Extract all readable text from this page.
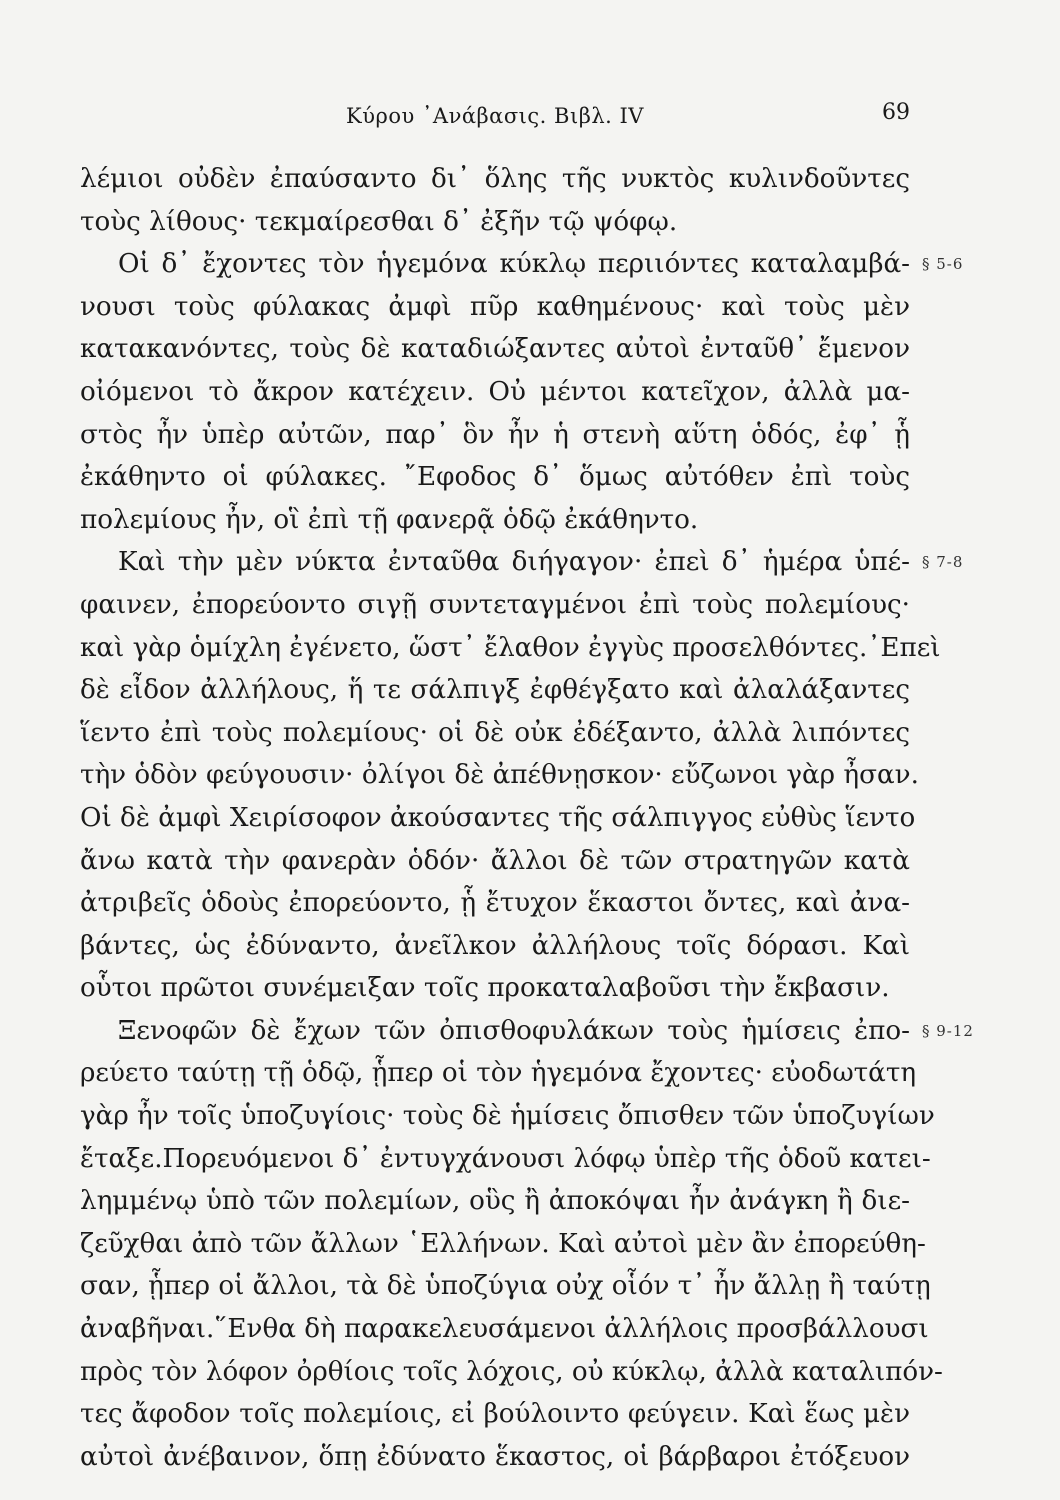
Κύρου ᾿Ανάβασις. Βιβλ. IV	69
λέμιοι οὐδὲν ἐπαύσαντο δι᾽ ὅλης τῆς νυκτὸς κυλινδοῦντες
τοὺς λίθους· τεκμαίρεσθαι δ᾽ ἐξῆν τῷ ψόφῳ.
Οἱ δ᾽ ἔχοντες τὸν ἡγεμόνα κύκλῳ περιιόντες καταλαμβά- § 5-6
νουσι τοὺς φύλακας ἀμφὶ πῦρ καθημένους· καὶ τοὺς μὲν
κατακανόντες, τοὺς δὲ καταδιώξαντες αὐτοὶ ἐνταῦθ᾽ ἔμενον
οἰόμενοι τὸ ἄκρον κατέχειν. Οὐ μέντοι κατεῖχον, ἀλλὰ μα-
στὸς ἦν ὑπὲρ αὐτῶν, παρ᾽ ὃν ἦν ἡ στενὴ αὕτη ὁδός, ἐφ᾽ ᾗ
ἐκάθηντο οἱ φύλακες. ῎Εφοδος δ᾽ ὅμως αὐτόθεν ἐπὶ τοὺς
πολεμίους ἦν, οἳ ἐπὶ τῇ φανερᾷ ὁδῷ ἐκάθηντο.
Καὶ τὴν μὲν νύκτα ἐνταῦθα διήγαγον· ἐπεὶ δ᾽ ἡμέρα ὑπέ- § 7-8
φαινεν, ἐπορεύοντο σιγῇ συντεταγμένοι ἐπὶ τοὺς πολεμίους·
καὶ γὰρ ὁμίχλη ἐγένετο, ὥστ᾽ ἔλαθον ἐγγὺς προσελθόντες.᾽Επεὶ
δὲ εἶδον ἀλλήλους, ἥ τε σάλπιγξ ἐφθέγξατο καὶ ἀλαλάξαντες
ἵεντο ἐπὶ τοὺς πολεμίους· οἱ δὲ οὐκ ἐδέξαντο, ἀλλὰ λιπόντες
τὴν ὁδὸν φεύγουσιν· ὀλίγοι δὲ ἀπέθνῃσκον· εὔζωνοι γὰρ ἦσαν.
Οἱ δὲ ἀμφὶ Χειρίσοφον ἀκούσαντες τῆς σάλπιγγος εὐθὺς ἵεντο
ἄνω κατὰ τὴν φανερὰν ὁδόν· ἄλλοι δὲ τῶν στρατηγῶν κατὰ
ἀτριβεῖς ὁδοὺς ἐπορεύοντο, ᾗ ἔτυχον ἕκαστοι ὄντες, καὶ ἀνα-
βάντες, ὡς ἐδύναντο, ἀνεῖλκον ἀλλήλους τοῖς δόρασι. Καὶ
οὗτοι πρῶτοι συνέμειξαν τοῖς προκαταλαβοῦσι τὴν ἔκβασιν.
Ξενοφῶν δὲ ἔχων τῶν ὀπισθοφυλάκων τοὺς ἡμίσεις ἐπο- § 9-12
ρεύετο ταύτῃ τῇ ὁδῷ, ᾗπερ οἱ τὸν ἡγεμόνα ἔχοντες· εὐοδωτάτη
γὰρ ἦν τοῖς ὑποζυγίοις· τοὺς δὲ ἡμίσεις ὄπισθεν τῶν ὑποζυγίων
ἔταξε.Πορευόμενοι δ᾽ ἐντυγχάνουσι λόφῳ ὑπὲρ τῆς ὁδοῦ κατει-
λημμένῳ ὑπὸ τῶν πολεμίων, οὓς ἢ ἀποκόψαι ἦν ἀνάγκη ἢ διε-
ζεῦχθαι ἀπὸ τῶν ἄλλων ῾Ελλήνων. Καὶ αὐτοὶ μὲν ἂν ἐπορεύθη-
σαν, ᾗπερ οἱ ἄλλοι, τὰ δὲ ὑποζύγια οὐχ οἷόν τ᾽ ἦν ἄλλῃ ἢ ταύτῃ
ἀναβῆναι.῞Ενθα δὴ παρακελευσάμενοι ἀλλήλοις προσβάλλουσι
πρὸς τὸν λόφον ὀρθίοις τοῖς λόχοις, οὐ κύκλῳ, ἀλλὰ καταλιπόν-
τες ἄφοδον τοῖς πολεμίοις, εἰ βούλοιντο φεύγειν. Καὶ ἕως μὲν
αὐτοὶ ἀνέβαινον, ὅπῃ ἐδύνατο ἕκαστος, οἱ βάρβαροι ἐτόξευον
